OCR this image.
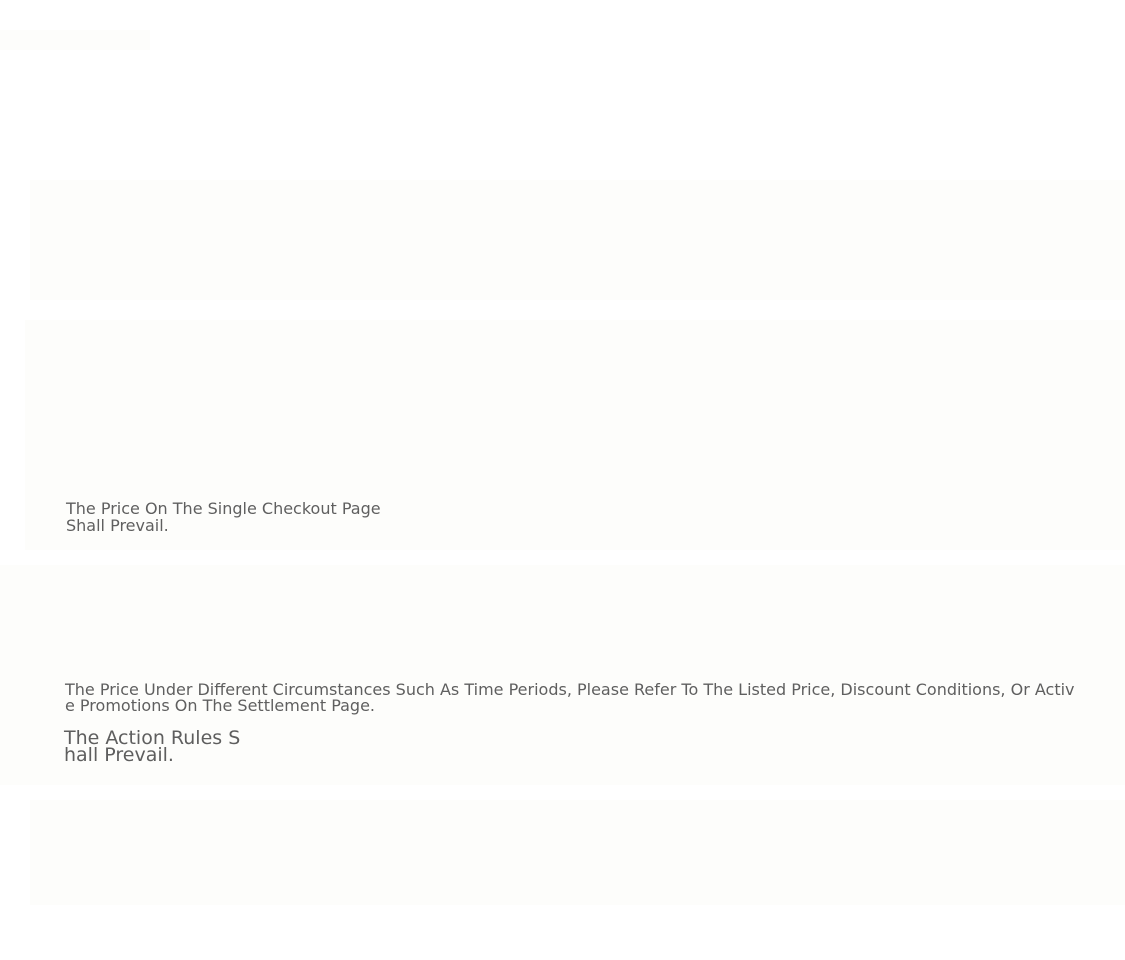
The Price On The Single Checkout Page
Shall Prevail.
The Price Under Different Circumstances Such As Time Periods, Please Refer To The Listed Price, Discount Conditions, Or Activ
e Promotions On The Settlement Page.
The Action Rules S
hall Prevail.
